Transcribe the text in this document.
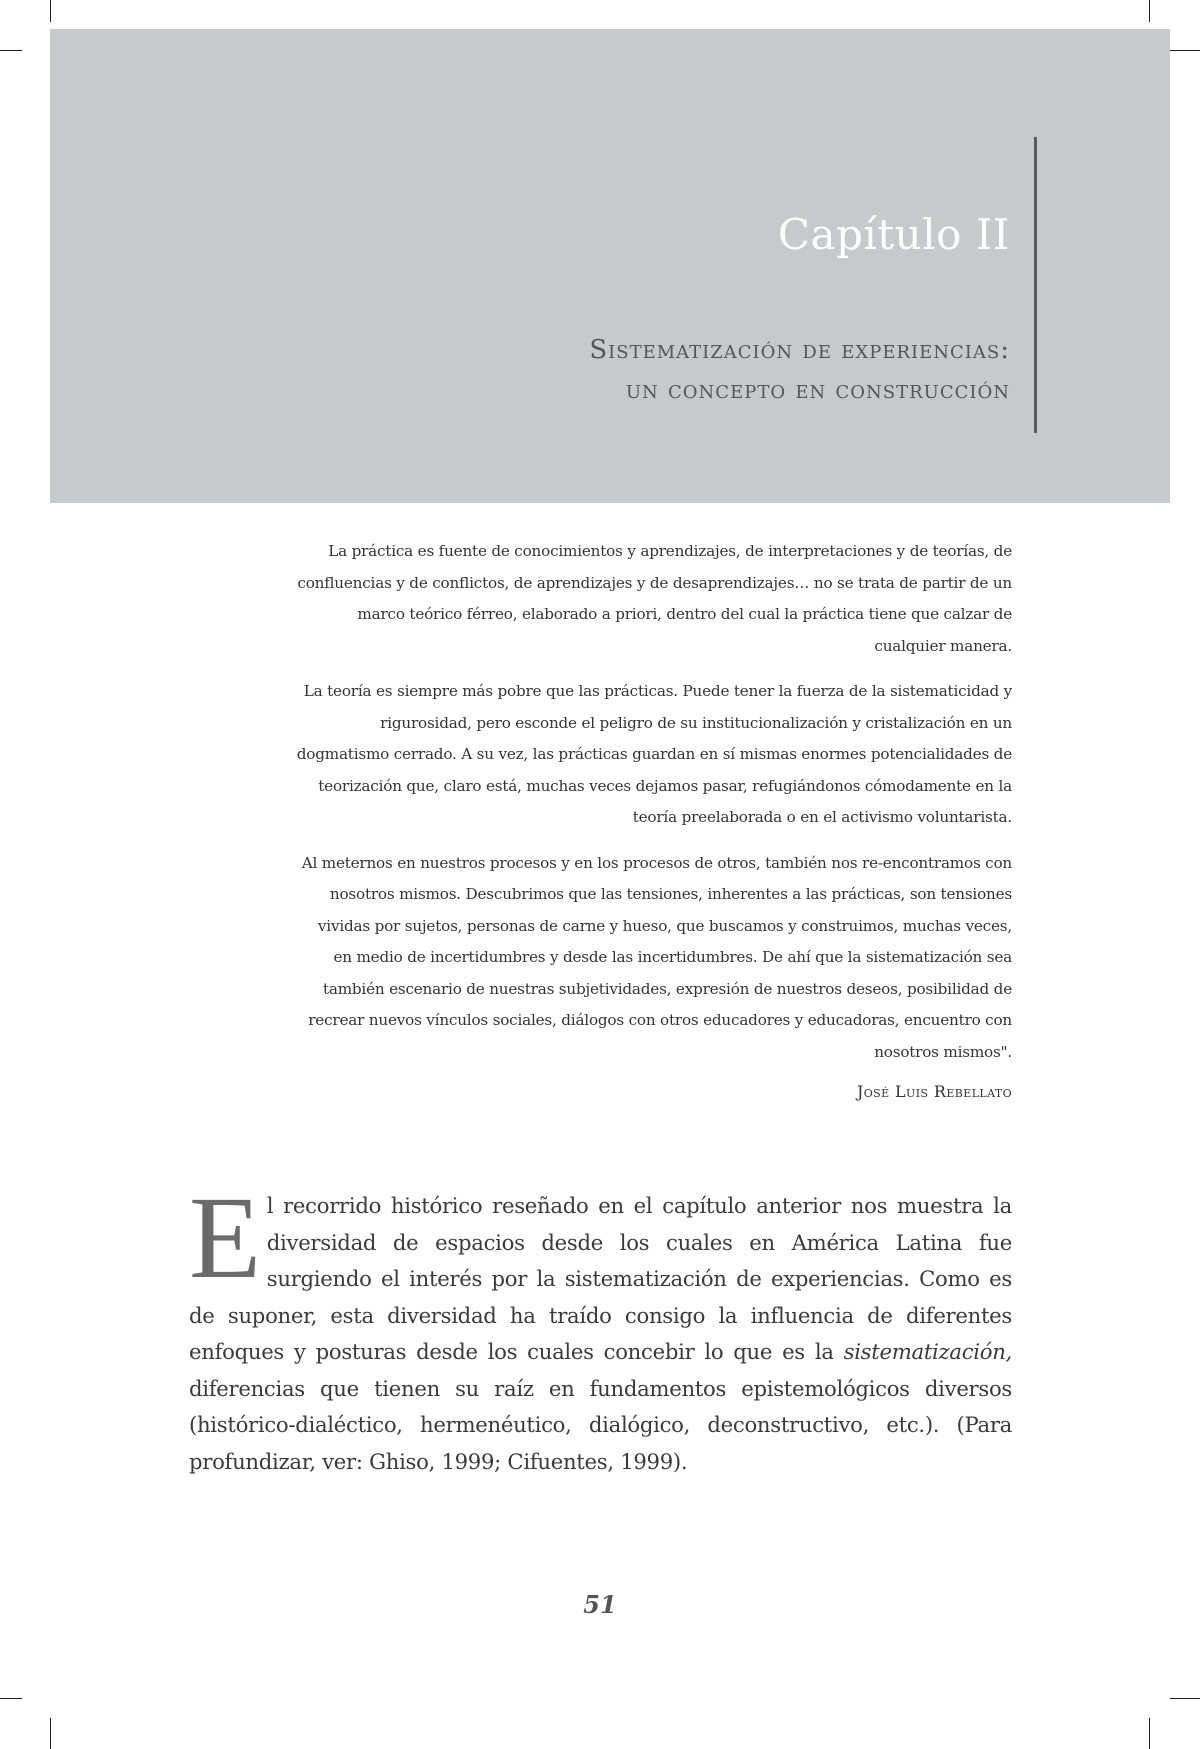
Capítulo II
Sistematización de experiencias:
un concepto en construcción

La práctica es fuente de conocimientos y aprendizajes, de interpretaciones y de teorías, de confluencias y de conflictos, de aprendizajes y de desaprendizajes… no se trata de partir de un marco teórico férreo, elaborado a priori, dentro del cual la práctica tiene que calzar de cualquier manera.

La teoría es siempre más pobre que las prácticas. Puede tener la fuerza de la sistematicidad y rigurosidad, pero esconde el peligro de su institucionalización y cristalización en un dogmatismo cerrado. A su vez, las prácticas guardan en sí mismas enormes potencialidades de teorización que, claro está, muchas veces dejamos pasar, refugiándonos cómodamente en la teoría preelaborada o en el activismo voluntarista.

Al meternos en nuestros procesos y en los procesos de otros, también nos re-encontramos con nosotros mismos. Descubrimos que las tensiones, inherentes a las prácticas, son tensiones vividas por sujetos, personas de carne y hueso, que buscamos y construimos, muchas veces, en medio de incertidumbres y desde las incertidumbres. De ahí que la sistematización sea también escenario de nuestras subjetividades, expresión de nuestros deseos, posibilidad de recrear nuevos vínculos sociales, diálogos con otros educadores y educadoras, encuentro con nosotros mismos".

José Luis Rebellato
El recorrido histórico reseñado en el capítulo anterior nos muestra la diversidad de espacios desde los cuales en América Latina fue surgiendo el interés por la sistematización de experiencias. Como es de suponer, esta diversidad ha traído consigo la influencia de diferentes enfoques y posturas desde los cuales concebir lo que es la sistematización, diferencias que tienen su raíz en fundamentos epistemológicos diversos (histórico-dialéctico, hermenéutico, dialógico, deconstructivo, etc.). (Para profundizar, ver: Ghiso, 1999; Cifuentes, 1999).
51
